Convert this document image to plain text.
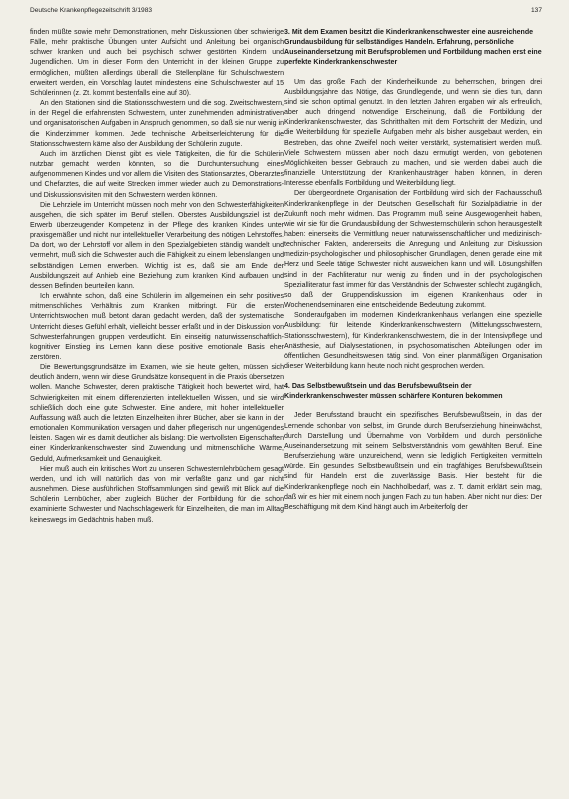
Deutsche Krankenpflegezeitschrift 3/1983	137

finden müßte sowie mehr Demonstrationen, mehr Diskussionen über schwierige Fälle, mehr praktische Übungen unter Aufsicht und Anleitung bei organisch schwer kranken und auch bei psychisch schwer gestörten Kindern und Jugendlichen. Um in dieser Form den Unterricht in der kleinen Gruppe zu ermöglichen, müßten allerdings überall die Stellenpläne für Schulschwestern erweitert werden, ein Vorschlag lautet mindestens eine Schulschwester auf 15 Schülerinnen (z. Zt. kommt bestenfalls eine auf 30).

An den Stationen sind die Stationsschwestern und die sog. Zweitschwestern, in der Regel die erfahrensten Schwestern, unter zunehmenden administrativen und organisatorischen Aufgaben in Anspruch genommen, so daß sie nur wenig in die Kinderzimmer kommen. Jede technische Arbeitserleichterung für die Stationsschwestern käme also der Ausbildung der Schülerin zugute.

Auch im ärztlichen Dienst gibt es viele Tätigkeiten, die für die Schülerin nutzbar gemacht werden könnten, so die Durchuntersuchung eines aufgenommenen Kindes und vor allem die Visiten des Stationsarztes, Oberarztes und Chefarztes, die auf weite Strecken immer wieder auch zu Demonstrations- und Diskussionsvisiten mit den Schwestern werden können.

Die Lehrziele im Unterricht müssen noch mehr von den Schwesterfähigkeiten ausgehen, die sich später im Beruf stellen. Oberstes Ausbildungsziel ist der Erwerb überzeugender Kompetenz in der Pflege des kranken Kindes unter praxisgemäßer und nicht nur intellektueller Verarbeitung des nötigen Lehrstoffes. Da dort, wo der Lehrstoff vor allem in den Spezialgebieten ständig wandelt und vermehrt, muß sich die Schwester auch die Fähigkeit zu einem lebenslangen und selbständigen Lernen erwerben. Wichtig ist es, daß sie am Ende der Ausbildungszeit auf Anhieb eine Beziehung zum kranken Kind aufbauen und dessen Befinden beurteilen kann.

Ich erwähnte schon, daß eine Schülerin im allgemeinen ein sehr positives mitmenschliches Verhältnis zum Kranken mitbringt. Für die ersten Unterrichtswochen muß betont daran gedacht werden, daß der systematische Unterricht dieses Gefühl erhält, vielleicht besser erfaßt und in der Diskussion von Schwesterfahrungen gruppen verdeutlicht. Ein einseitig naturwissenschaftlich-kognitiver Einstieg ins Lernen kann diese positive emotionale Basis eher zerstören.

Die Bewertungsgrundsätze im Examen, wie sie heute gelten, müssen sich deutlich ändern, wenn wir diese Grundsätze konsequent in die Praxis übersetzen wollen. Manche Schwester, deren praktische Tätigkeit hoch bewertet wird, hat Schwierigkeiten mit einem differenzierten intellektuellen Wissen, und sie wird schließlich doch eine gute Schwester. Eine andere, mit hoher intellektueller Auffassung wäß auch die letzten Einzelheiten ihrer Bücher, aber sie kann in der emotionalen Kommunikation versagen und daher pflegerisch nur ungenügendes leisten. Sagen wir es damit deutlicher als bislang: Die wertvollsten Eigenschaften einer Kinderkrankenschwester sind Zuwendung und mitmenschliche Wärme, Geduld, Aufmerksamkeit und Genauigkeit.

Hier muß auch ein kritisches Wort zu unseren Schwesternlehrbüchern gesagt werden, und ich will natürlich das von mir verfaßte ganz und gar nicht ausnehmen. Diese ausführlichen Stoffsammlungen sind gewiß mit Blick auf die Schülerin Lernbücher, aber zugleich Bücher der Fortbildung für die schon examinierte Schwester und Nachschlagewerk für Einzelheiten, die man im Alltag keineswegs im Gedächtnis haben muß.

3. Mit dem Examen besitzt die Kinderkrankenschwester eine ausreichende Grundausbildung für selbständiges Handeln. Erfahrung, persönliche Auseinandersetzung mit Berufsproblemen und Fortbildung machen erst eine perfekte Kinderkrankenschwester

Um das große Fach der Kinderheilkunde zu beherrschen, bringen drei Ausbildungsjahre das Nötige, das Grundlegende, und wenn sie dies tun, dann sind sie schon optimal genutzt. In den letzten Jahren ergaben wir als erfreulich, aber auch dringend notwendige Erscheinung, daß die Fortbildung der Kinderkrankenschwester, das Schritthalten mit dem Fortschritt der Medizin, und die Weiterbildung für spezielle Aufgaben mehr als bisher ausgebaut werden, ein Bestreben, das ohne Zweifel noch weiter verstärkt, systematisiert werden muß. Viele Schwestern müssen aber noch dazu ermutigt werden, von gebotenen Möglichkeiten besser Gebrauch zu machen, und sie werden dabei auch die finanzielle Unterstützung der Krankenhausträger haben können, in deren Interesse ebenfalls Fortbildung und Weiterbildung liegt.

Der übergeordnete Organisation der Fortbildung wird sich der Fachausschuß Kinderkrankenpflege in der Deutschen Gesellschaft für Sozialpädiatrie in der Zukunft noch mehr widmen. Das Programm muß seine Ausgewogenheit haben, wie wir sie für die Grundausbildung der Schwesternschülerin schon herausgestellt haben: einerseits die Vermittlung neuer naturwissenschaftlicher und medizinisch-technischer Fakten, andererseits die Anregung und Anleitung zur Diskussion medizin-psychologischer und philosophischer Grundlagen, denen gerade eine mit Herz und Seele tätige Schwester nicht ausweichen kann und will. Lösungshilfen sind in der Fachliteratur nur wenig zu finden und in der psychologischen Spezialliteratur fast immer für das Verständnis der Schwester schlecht zugänglich, so daß der Gruppendiskussion im eigenen Krankenhaus oder in Wochenendseminaren eine entscheidende Bedeutung zukommt.

Sonderaufgaben im modernen Kinderkrankenhaus verlangen eine spezielle Ausbildung: für leitende Kinderkrankenschwestern (Mittelungsschwestern, Stationsschwestern), für Kinderkrankenschwestern, die in der Intensivpflege und Anästhesie, auf Dialysestationen, in psychosomatischen Abteilungen oder im öffentlichen Gesundheitswesen tätig sind. Von einer planmäßigen Organisation dieser Weiterbildung kann heute noch nicht gesprochen werden.

4. Das Selbstbewußtsein und das Berufsbewußtsein der Kinderkrankenschwester müssen schärfere Konturen bekommen

Jeder Berufsstand braucht ein spezifisches Berufsbewußtsein, in das der Lernende schonbar von selbst, im Grunde durch Berufserziehung hineinwächst, durch Darstellung und Übernahme von Vorbildern und durch persönliche Auseinandersetzung mit seinem Selbstverständnis vom gewählten Beruf. Eine Berufserziehung wäre unzureichend, wenn sie lediglich Fertigkeiten vermitteln würde. Ein gesundes Selbstbewußtsein und ein tragfähiges Berufsbewußtsein sind für Handeln erst die zuverlässige Basis. Hier besteht für die Kinderkrankenpflege noch ein Nachholbedarf, was z. T. damit erklärt sein mag, daß wir es hier mit einem noch jungen Fach zu tun haben. Aber nicht nur dies: Der Beschäftigung mit dem Kind hängt auch im Arbeiterfolg der
